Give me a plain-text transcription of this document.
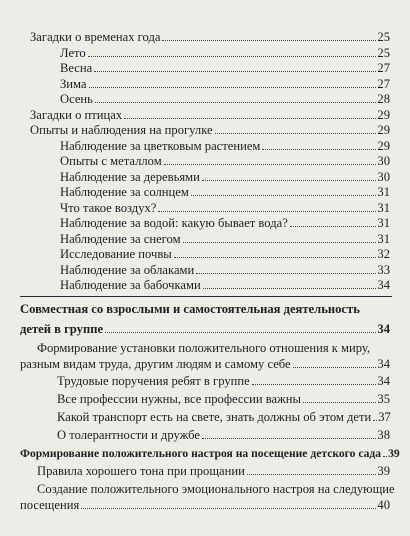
Загадки о временах года	25
Лето	25
Весна	27
Зима	27
Осень	28
Загадки о птицах	29
Опыты и наблюдения на прогулке	29
Наблюдение за цветковым растением	29
Опыты с металлом	30
Наблюдение за деревьями	30
Наблюдение за солнцем	31
Что такое воздух?	31
Наблюдение за водой: какую бывает вода?	31
Наблюдение за снегом	31
Исследование почвы	32
Наблюдение за облаками	33
Наблюдение за бабочками	34
Совместная со взрослыми и самостоятельная деятельность
детей в группе	34
Формирование установки положительного отношения к миру,
разным видам труда, другим людям и самому себе	34
Трудовые поручения ребят в группе	34
Все профессии нужны, все профессии важны	35
Какой транспорт есть на свете, знать должны об этом дети 37
О толерантности и дружбе	38
Формирование положительного настроя на посещение детского сада 39
Правила хорошего тона при прощании	39
Создание положительного эмоционального настроя на следующие
посещения	40
